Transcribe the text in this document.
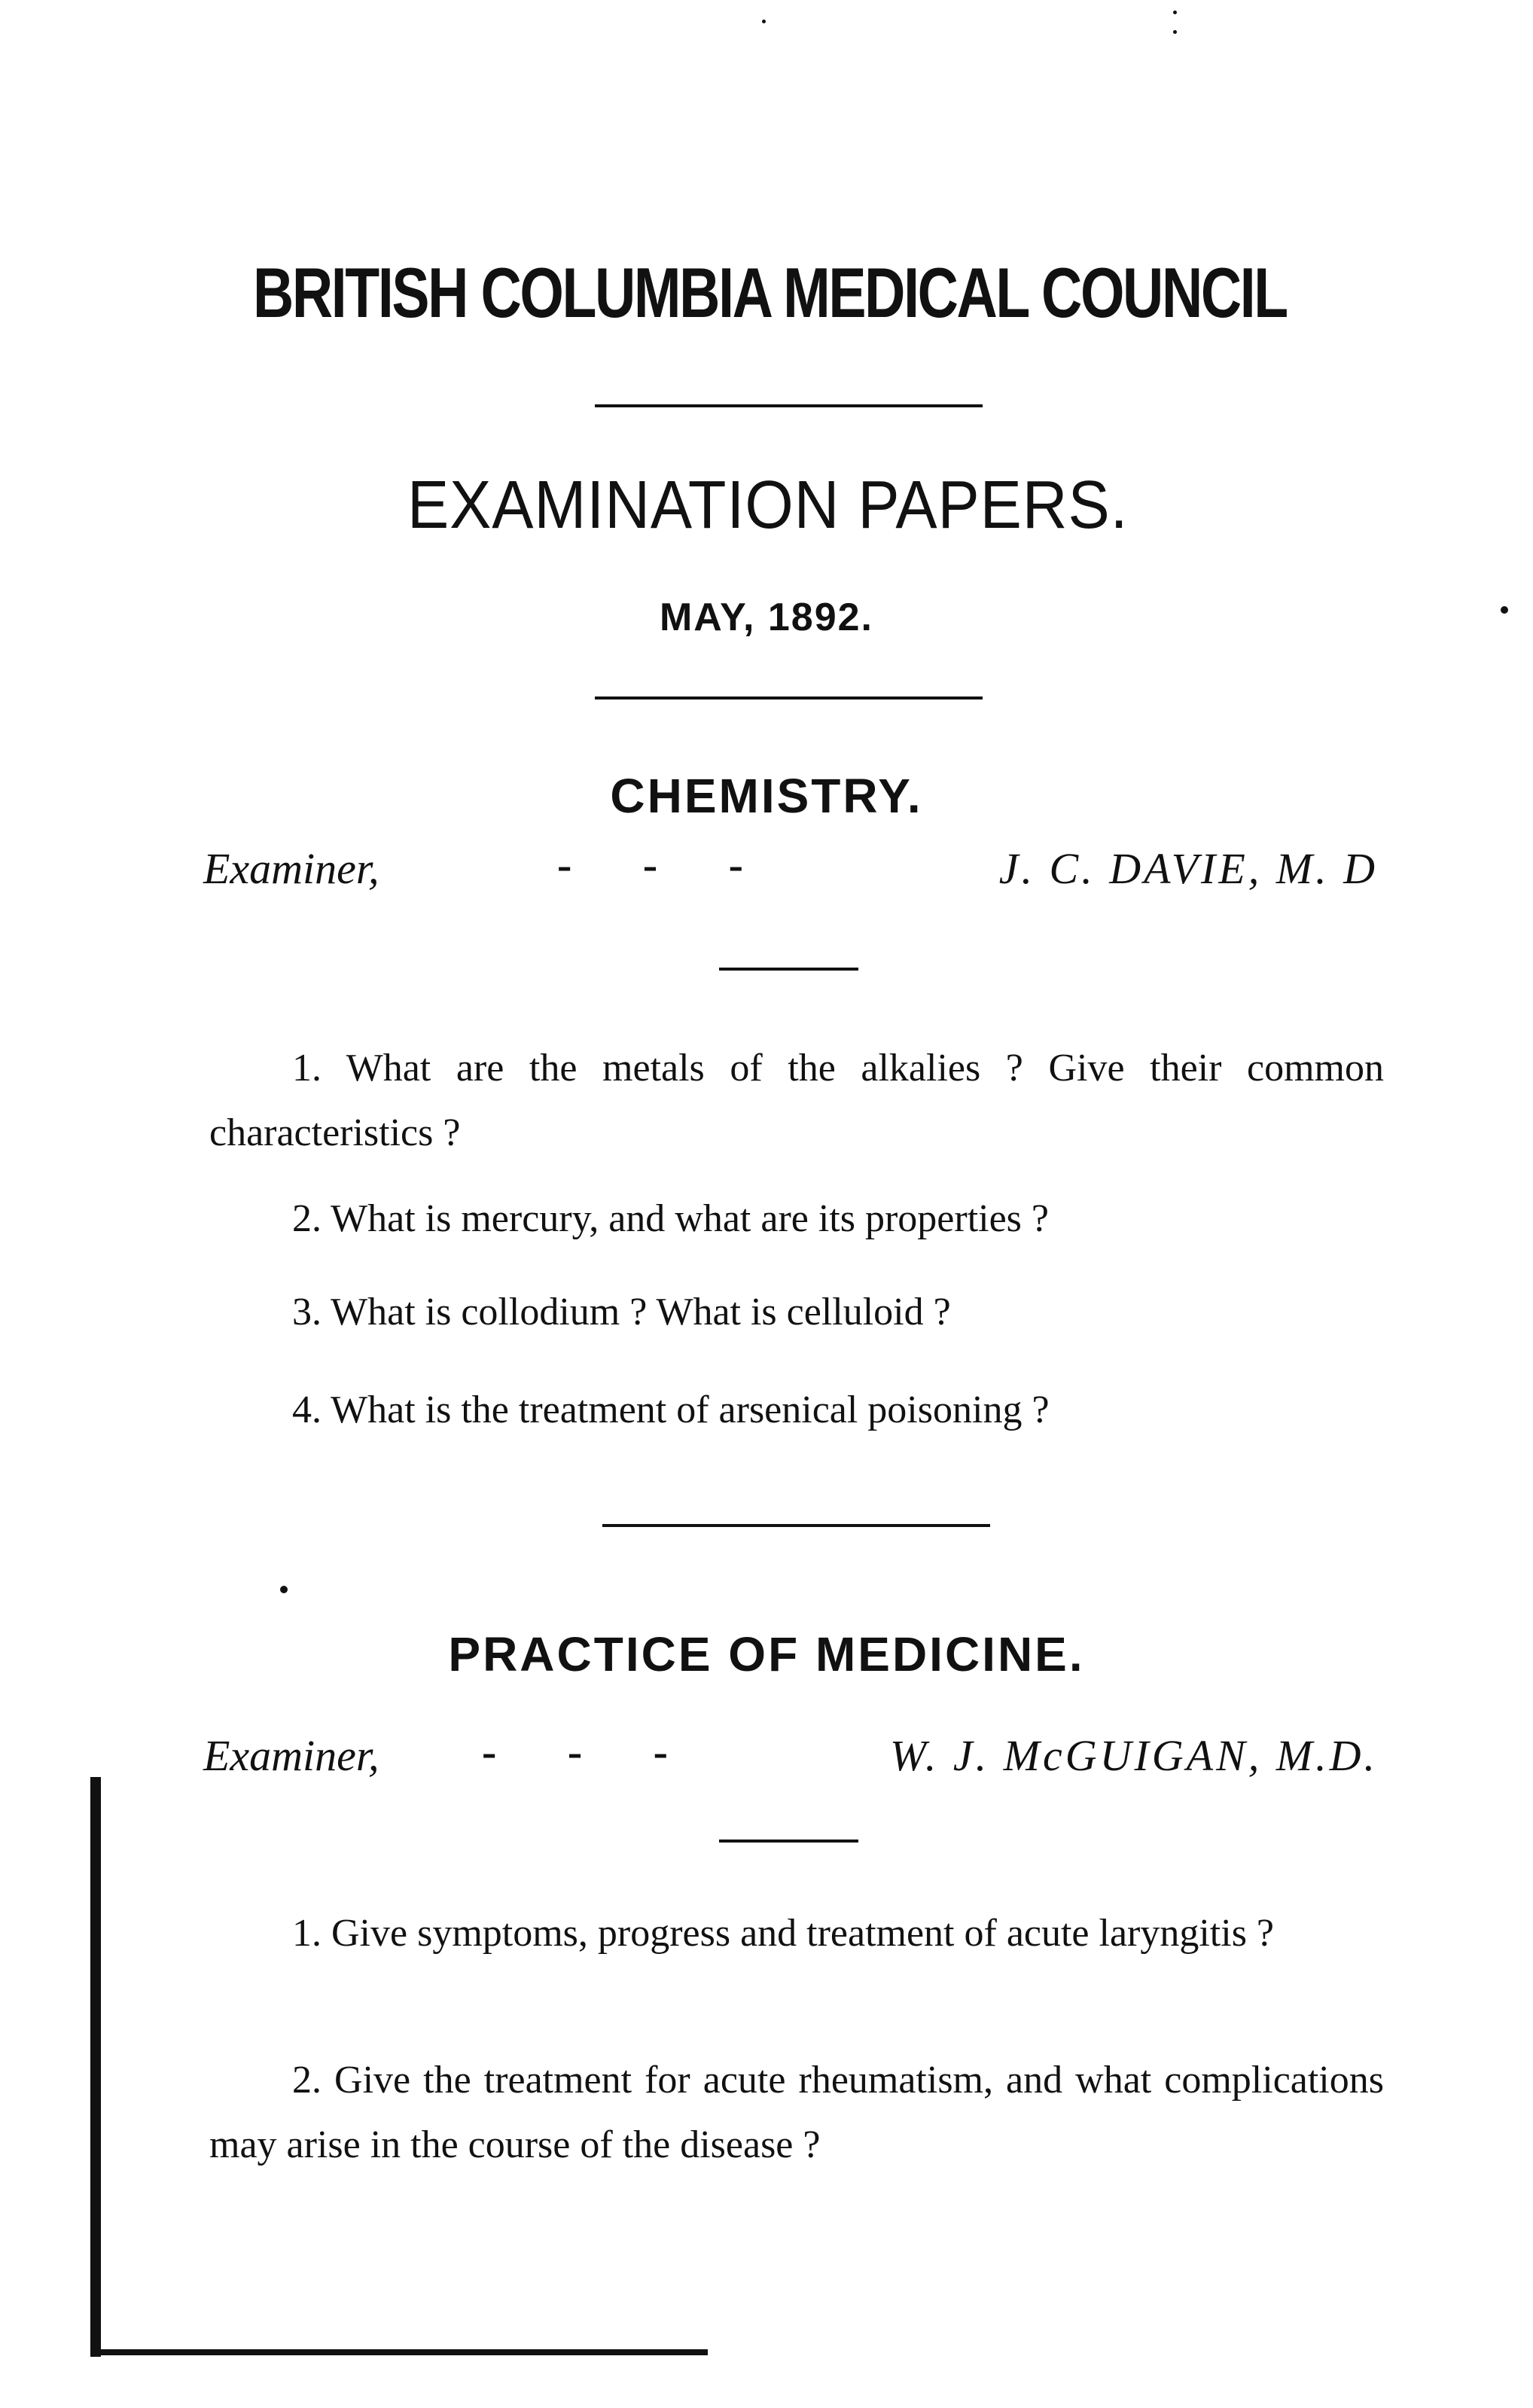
BRITISH COLUMBIA MEDICAL COUNCIL
EXAMINATION PAPERS.
MAY, 1892.
CHEMISTRY.
Examiner,	- - -	J. C. DAVIE, M. D

1. What are the metals of the alkalies ? Give their common characteristics ?

2. What is mercury, and what are its properties ?

3. What is collodium ? What is celluloid ?

4. What is the treatment of arsenical poisoning ?

PRACTICE OF MEDICINE.
Examiner, - - -	W. J. McGUIGAN, M.D.

1. Give symptoms, progress and treatment of acute laryngitis ?

2. Give the treatment for acute rheumatism, and what complications may arise in the course of the disease ?
